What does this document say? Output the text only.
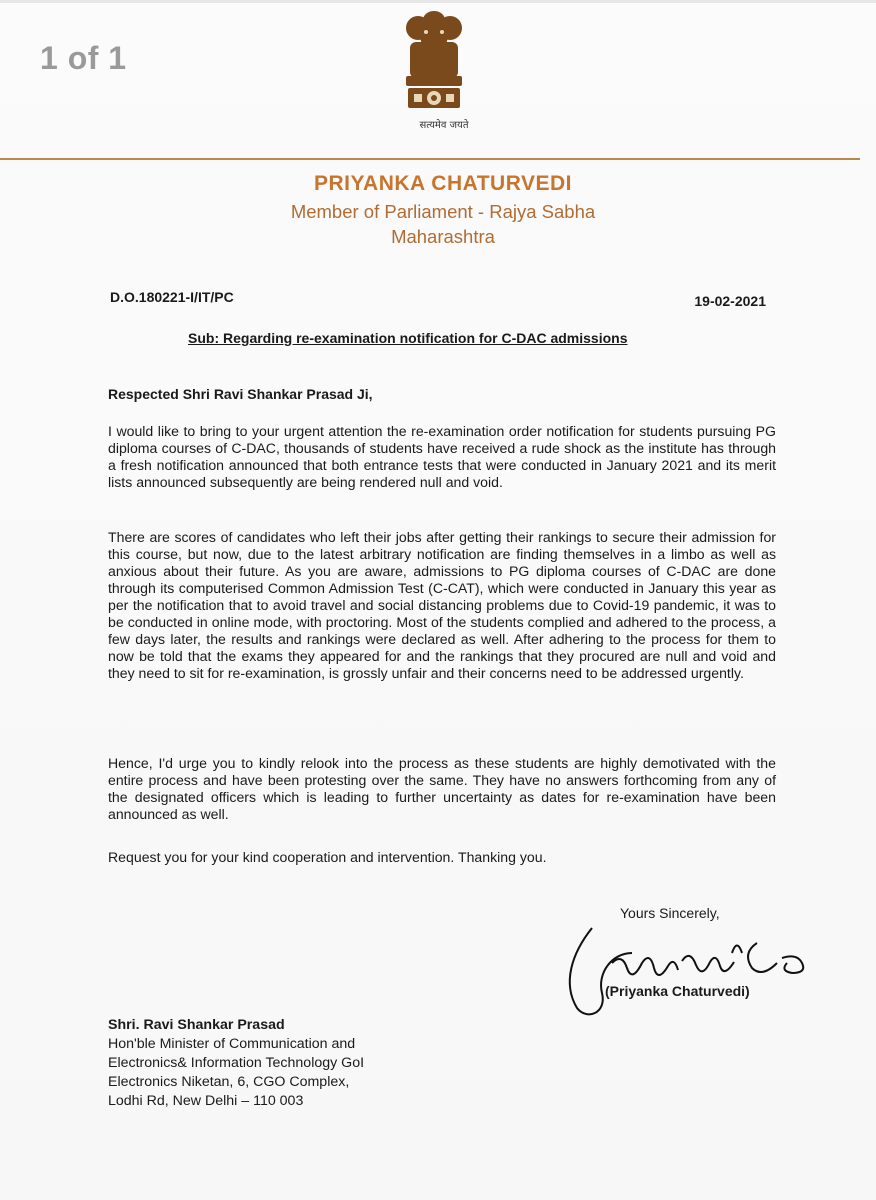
1 of 1
सत्यमेव जयते
PRIYANKA CHATURVEDI
Member of Parliament - Rajya Sabha
Maharashtra
D.O.180221-I/IT/PC	19-02-2021
Sub: Regarding re-examination notification for C-DAC admissions
Respected Shri Ravi Shankar Prasad Ji,
I would like to bring to your urgent attention the re-examination order notification for students pursuing PG diploma courses of C-DAC, thousands of students have received a rude shock as the institute has through a fresh notification announced that both entrance tests that were conducted in January 2021 and its merit lists announced subsequently are being rendered null and void.
There are scores of candidates who left their jobs after getting their rankings to secure their admission for this course, but now, due to the latest arbitrary notification are finding themselves in a limbo as well as anxious about their future. As you are aware, admissions to PG diploma courses of C-DAC are done through its computerised Common Admission Test (C-CAT), which were conducted in January this year as per the notification that to avoid travel and social distancing problems due to Covid-19 pandemic, it was to be conducted in online mode, with proctoring. Most of the students complied and adhered to the process, a few days later, the results and rankings were declared as well. After adhering to the process for them to now be told that the exams they appeared for and the rankings that they procured are null and void and they need to sit for re-examination, is grossly unfair and their concerns need to be addressed urgently.
Hence, I'd urge you to kindly relook into the process as these students are highly demotivated with the entire process and have been protesting over the same. They have no answers forthcoming from any of the designated officers which is leading to further uncertainty as dates for re-examination have been announced as well.
Request you for your kind cooperation and intervention. Thanking you.
Yours Sincerely,
(Priyanka Chaturvedi)
Shri. Ravi Shankar Prasad
Hon'ble Minister of Communication and
Electronics& Information Technology GoI
Electronics Niketan, 6, CGO Complex,
Lodhi Rd, New Delhi – 110 003
